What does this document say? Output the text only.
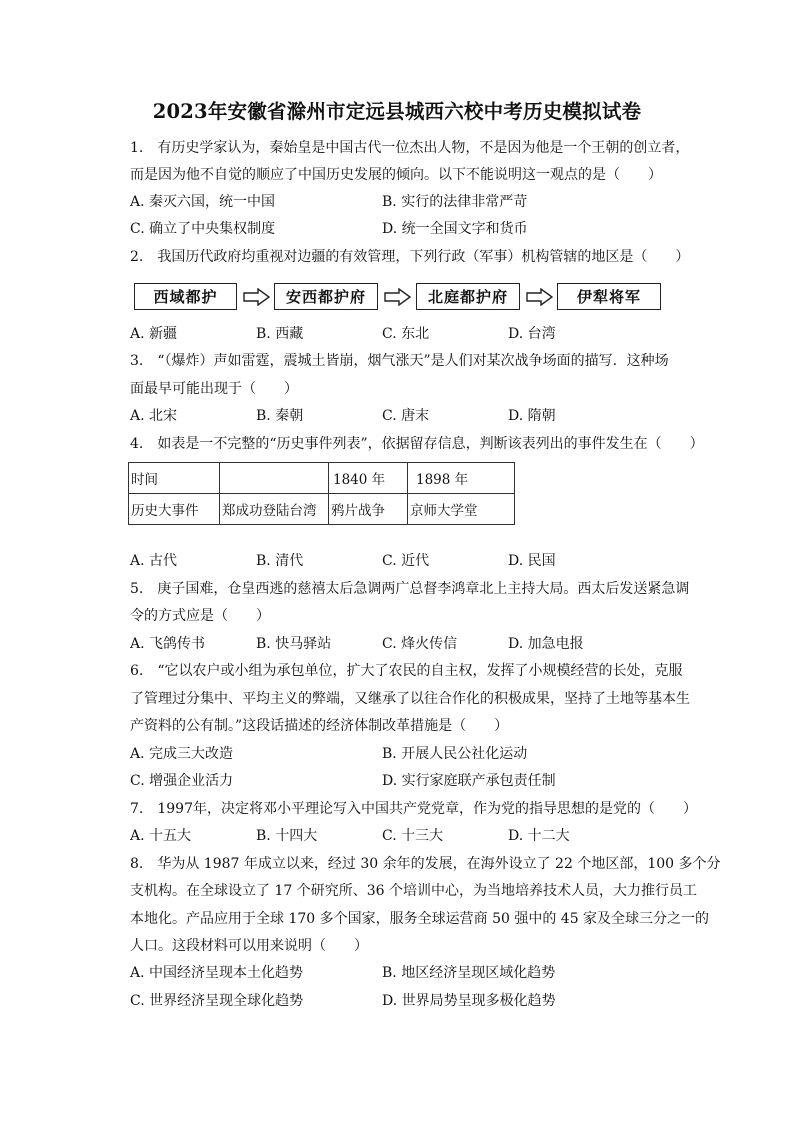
2023年安徽省滁州市定远县城西六校中考历史模拟试卷
1.　有历史学家认为，秦始皇是中国古代一位杰出人物，不是因为他是一个王朝的创立者，
而是因为他不自觉的顺应了中国历史发展的倾向。以下不能说明这一观点的是（　　）
A. 秦灭六国，统一中国	B. 实行的法律非常严苛
C. 确立了中央集权制度	D. 统一全国文字和货币
2.　我国历代政府均重视对边疆的有效管理，下列行政（军事）机构管辖的地区是（　　）
西域都护	安西都护府	北庭都护府	伊犁将军
A. 新疆	B. 西藏	C. 东北	D. 台湾
3.　“（爆炸）声如雷霆，震城土皆崩，烟气涨天”是人们对某次战争场面的描写．这种场
面最早可能出现于（　　）
A. 北宋	B. 秦朝	C. 唐末	D. 隋朝
4.　如表是一不完整的“历史事件列表”，依据留存信息，判断该表列出的事件发生在（　　）
时间		1840 年	1898 年
历史大事件	郑成功登陆台湾	鸦片战争	京师大学堂
A. 古代	B. 清代	C. 近代	D. 民国
5.　庚子国难，仓皇西逃的慈禧太后急调两广总督李鸿章北上主持大局。西太后发送紧急调
令的方式应是（　　）
A. 飞鸽传书	B. 快马驿站	C. 烽火传信	D. 加急电报
6.　“它以农户或小组为承包单位，扩大了农民的自主权，发挥了小规模经营的长处，克服
了管理过分集中、平均主义的弊端，又继承了以往合作化的积极成果，坚持了土地等基本生
产资料的公有制。”这段话描述的经济体制改革措施是（　　）
A. 完成三大改造	B. 开展人民公社化运动
C. 增强企业活力	D. 实行家庭联产承包责任制
7.　1997年，决定将邓小平理论写入中国共产党党章，作为党的指导思想的是党的（　　）
A. 十五大	B. 十四大	C. 十三大	D. 十二大
8.　华为从 1987 年成立以来，经过 30 余年的发展，在海外设立了 22 个地区部，100 多个分
支机构。在全球设立了 17 个研究所、36 个培训中心，为当地培养技术人员，大力推行员工
本地化。产品应用于全球 170 多个国家，服务全球运营商 50 强中的 45 家及全球三分之一的
人口。这段材料可以用来说明（　　）
A. 中国经济呈现本土化趋势	B. 地区经济呈现区域化趋势
C. 世界经济呈现全球化趋势	D. 世界局势呈现多极化趋势
